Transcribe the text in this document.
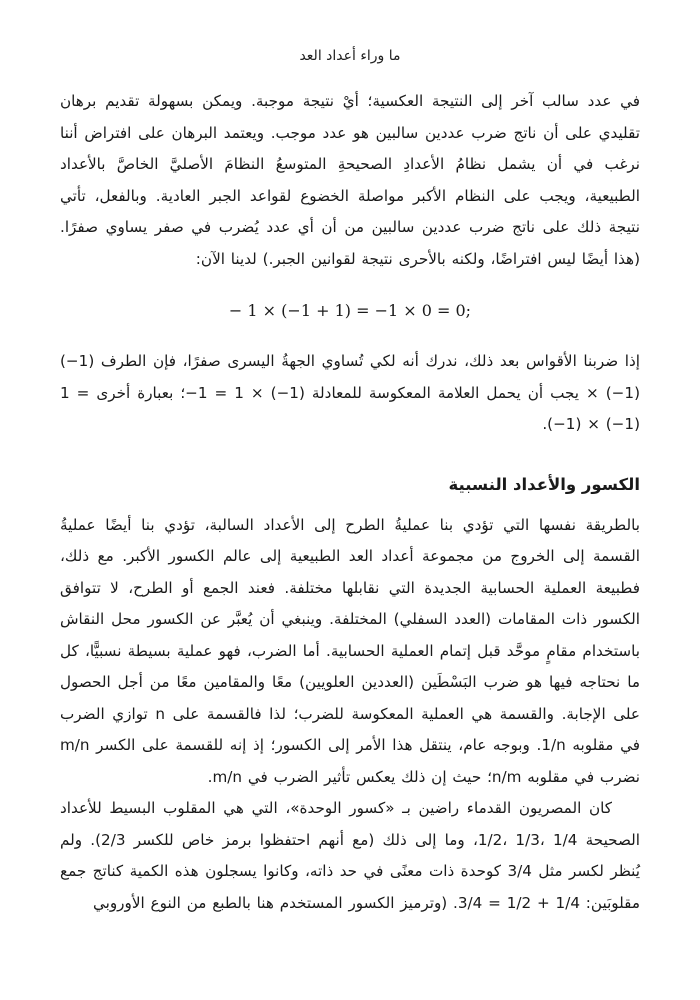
ما وراء أعداد العد

في عدد سالب آخر إلى النتيجة العكسية؛ أيْ نتيجة موجبة. ويمكن بسهولة تقديم برهان تقليدي على أن ناتج ضرب عددين سالبين هو عدد موجب. ويعتمد البرهان على افتراض أننا نرغب في أن يشمل نظامُ الأعدادِ الصحيحةِ المتوسعُ النظامَ الأصليَّ الخاصَّ بالأعداد الطبيعية، ويجب على النظام الأكبر مواصلة الخضوع لقواعد الجبر العادية. وبالفعل، تأتي نتيجة ذلك على ناتج ضرب عددين سالبين من أن أي عدد يُضرب في صفر يساوي صفرًا. (هذا أيضًا ليس افتراضًا، ولكنه بالأحرى نتيجة لقوانين الجبر.) لدينا الآن:

− 1 × (−1 + 1) = −1 × 0 = 0;

إذا ضربنا الأقواس بعد ذلك، ندرك أنه لكي تُساوي الجهةُ اليسرى صفرًا، فإن الطرف (−1) × (−1) يجب أن يحمل العلامة المعكوسة للمعادلة −1 = 1 × (−1)؛ بعبارة أخرى 1 = (−1) × (−1).

الكسور والأعداد النسبية

بالطريقة نفسها التي تؤدي بنا عمليةُ الطرح إلى الأعداد السالبة، تؤدي بنا أيضًا عمليةُ القسمة إلى الخروج من مجموعة أعداد العد الطبيعية إلى عالم الكسور الأكبر. مع ذلك، فطبيعة العملية الحسابية الجديدة التي نقابلها مختلفة. فعند الجمع أو الطرح، لا تتوافق الكسور ذات المقامات (العدد السفلي) المختلفة. وينبغي أن يُعبَّر عن الكسور محل النقاش باستخدام مقامٍ موحَّد قبل إتمام العملية الحسابية. أما الضرب، فهو عملية بسيطة نسبيًّا، كل ما نحتاجه فيها هو ضرب البَسْطَين (العددين العلويين) معًا والمقامين معًا من أجل الحصول على الإجابة. والقسمة هي العملية المعكوسة للضرب؛ لذا فالقسمة على n توازي الضرب في مقلوبه 1/n. وبوجه عام، ينتقل هذا الأمر إلى الكسور؛ إذ إنه للقسمة على الكسر m/n نضرب في مقلوبه n/m؛ حيث إن ذلك يعكس تأثير الضرب في m/n.

كان المصريون القدماء راضين بـ «كسور الوحدة»، التي هي المقلوب البسيط للأعداد الصحيحة 1/2، 1/3، 1/4، وما إلى ذلك (مع أنهم احتفظوا برمز خاص للكسر 2/3). ولم يُنظر لكسر مثل 3/4 كوحدة ذات معنًى في حد ذاته، وكانوا يسجلون هذه الكمية كناتج جمع مقلوبَين: 3/4 = 1/2 + 1/4. (وترميز الكسور المستخدم هنا بالطبع من النوع الأوروبي
